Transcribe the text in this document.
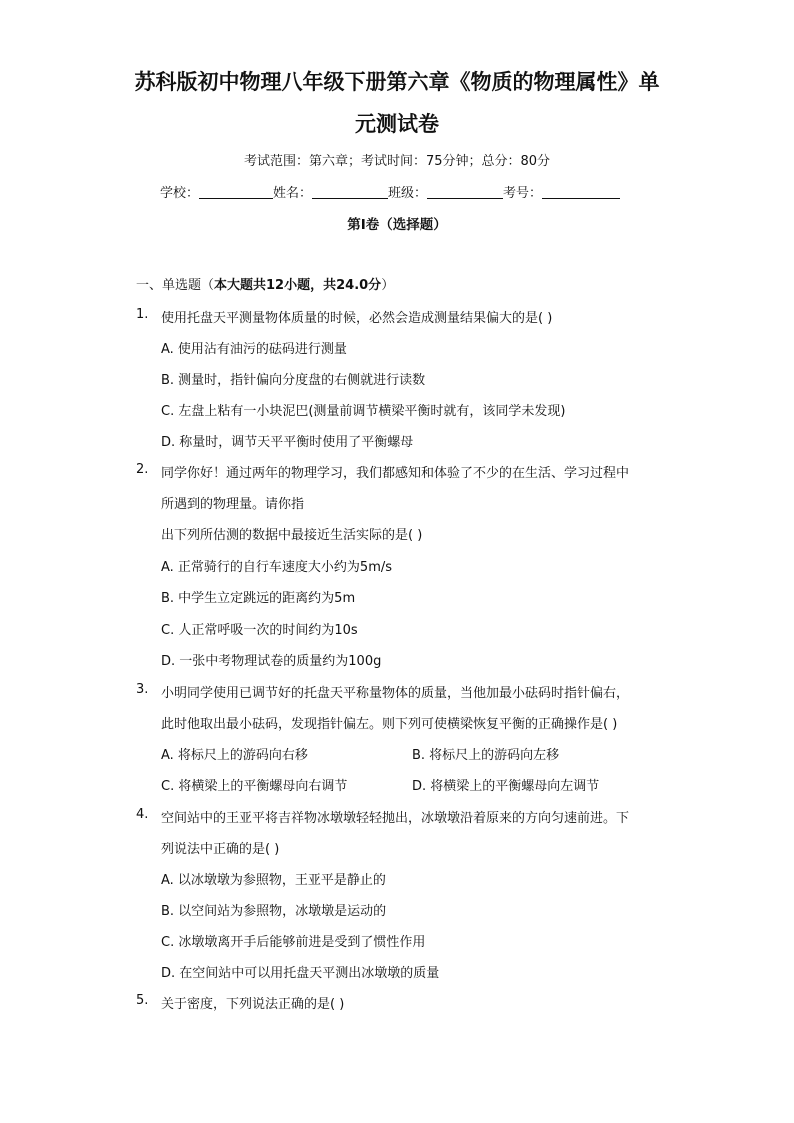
苏科版初中物理八年级下册第六章《物质的物理属性》单
元测试卷
考试范围：第六章；考试时间：75分钟；总分：80分
学校：	姓名：	班级：	考号：
第I卷（选择题）
一、单选题（本大题共12小题，共24.0分）
1. 使用托盘天平测量物体质量的时候，必然会造成测量结果偏大的是( )
A. 使用沾有油污的砝码进行测量
B. 测量时，指针偏向分度盘的右侧就进行读数
C. 左盘上粘有一小块泥巴(测量前调节横梁平衡时就有，该同学未发现)
D. 称量时，调节天平平衡时使用了平衡螺母
2. 同学你好！通过两年的物理学习，我们都感知和体验了不少的在生活、学习过程中
所遇到的物理量。请你指
出下列所估测的数据中最接近生活实际的是( )
A. 正常骑行的自行车速度大小约为5m/s
B. 中学生立定跳远的距离约为5m
C. 人正常呼吸一次的时间约为10s
D. 一张中考物理试卷的质量约为100g
3. 小明同学使用已调节好的托盘天平称量物体的质量，当他加最小砝码时指针偏右，
此时他取出最小砝码，发现指针偏左。则下列可使横梁恢复平衡的正确操作是( )
A. 将标尺上的游码向右移	B. 将标尺上的游码向左移
C. 将横梁上的平衡螺母向右调节	D. 将横梁上的平衡螺母向左调节
4. 空间站中的王亚平将吉祥物冰墩墩轻轻抛出，冰墩墩沿着原来的方向匀速前进。下
列说法中正确的是( )
A. 以冰墩墩为参照物，王亚平是静止的
B. 以空间站为参照物，冰墩墩是运动的
C. 冰墩墩离开手后能够前进是受到了惯性作用
D. 在空间站中可以用托盘天平测出冰墩墩的质量
5. 关于密度，下列说法正确的是( )
